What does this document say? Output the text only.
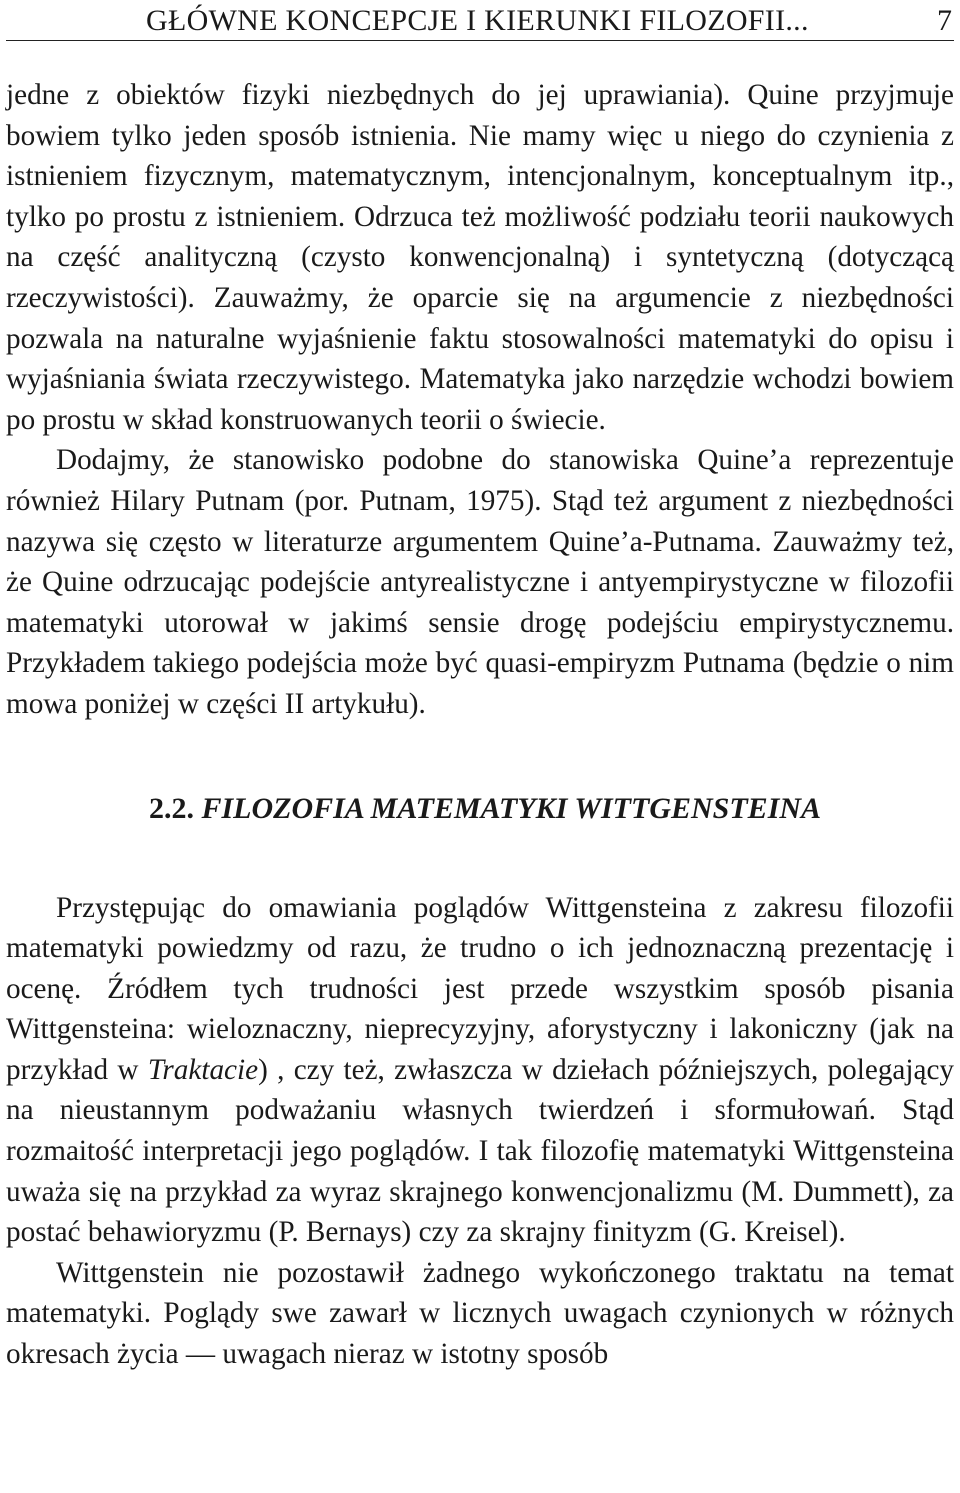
GŁÓWNE KONCEPCJE I KIERUNKI FILOZOFII...	7

jedne z obiektów fizyki niezbędnych do jej uprawiania). Quine przyjmuje bowiem tylko jeden sposób istnienia. Nie mamy więc u niego do czynienia z istnieniem fizycznym, matematycznym, intencjonalnym, konceptualnym itp., tylko po prostu z istnieniem. Odrzuca też możliwość podziału teorii naukowych na część analityczną (czysto konwencjonalną) i syntetyczną (dotyczącą rzeczywistości). Zauważmy, że oparcie się na argumencie z niezbędności pozwala na naturalne wyjaśnienie faktu stosowalności matematyki do opisu i wyjaśniania świata rzeczywistego. Matematyka jako narzędzie wchodzi bowiem po prostu w skład konstruowanych teorii o świecie.

Dodajmy, że stanowisko podobne do stanowiska Quine’a reprezentuje również Hilary Putnam (por. Putnam, 1975). Stąd też argument z niezbędności nazywa się często w literaturze argumentem Quine’a-Putnama. Zauważmy też, że Quine odrzucając podejście antyrealistyczne i antyempirystyczne w filozofii matematyki utorował w jakimś sensie drogę podejściu empirystycznemu. Przykładem takiego podejścia może być quasi-empiryzm Putnama (będzie o nim mowa poniżej w części II artykułu).

2.2. FILOZOFIA MATEMATYKI WITTGENSTEINA

Przystępując do omawiania poglądów Wittgensteina z zakresu filozofii matematyki powiedzmy od razu, że trudno o ich jednoznaczną prezentację i ocenę. Źródłem tych trudności jest przede wszystkim sposób pisania Wittgensteina: wieloznaczny, nieprecyzyjny, aforystyczny i lakoniczny (jak na przykład w Traktacie) , czy też, zwłaszcza w dziełach późniejszych, polegający na nieustannym podważaniu własnych twierdzeń i sformułowań. Stąd rozmaitość interpretacji jego poglądów. I tak filozofię matematyki Wittgensteina uważa się na przykład za wyraz skrajnego konwencjonalizmu (M. Dummett), za postać behawioryzmu (P. Bernays) czy za skrajny finityzm (G. Kreisel).

Wittgenstein nie pozostawił żadnego wykończonego traktatu na temat matematyki. Poglądy swe zawarł w licznych uwagach czynionych w różnych okresach życia — uwagach nieraz w istotny sposób
